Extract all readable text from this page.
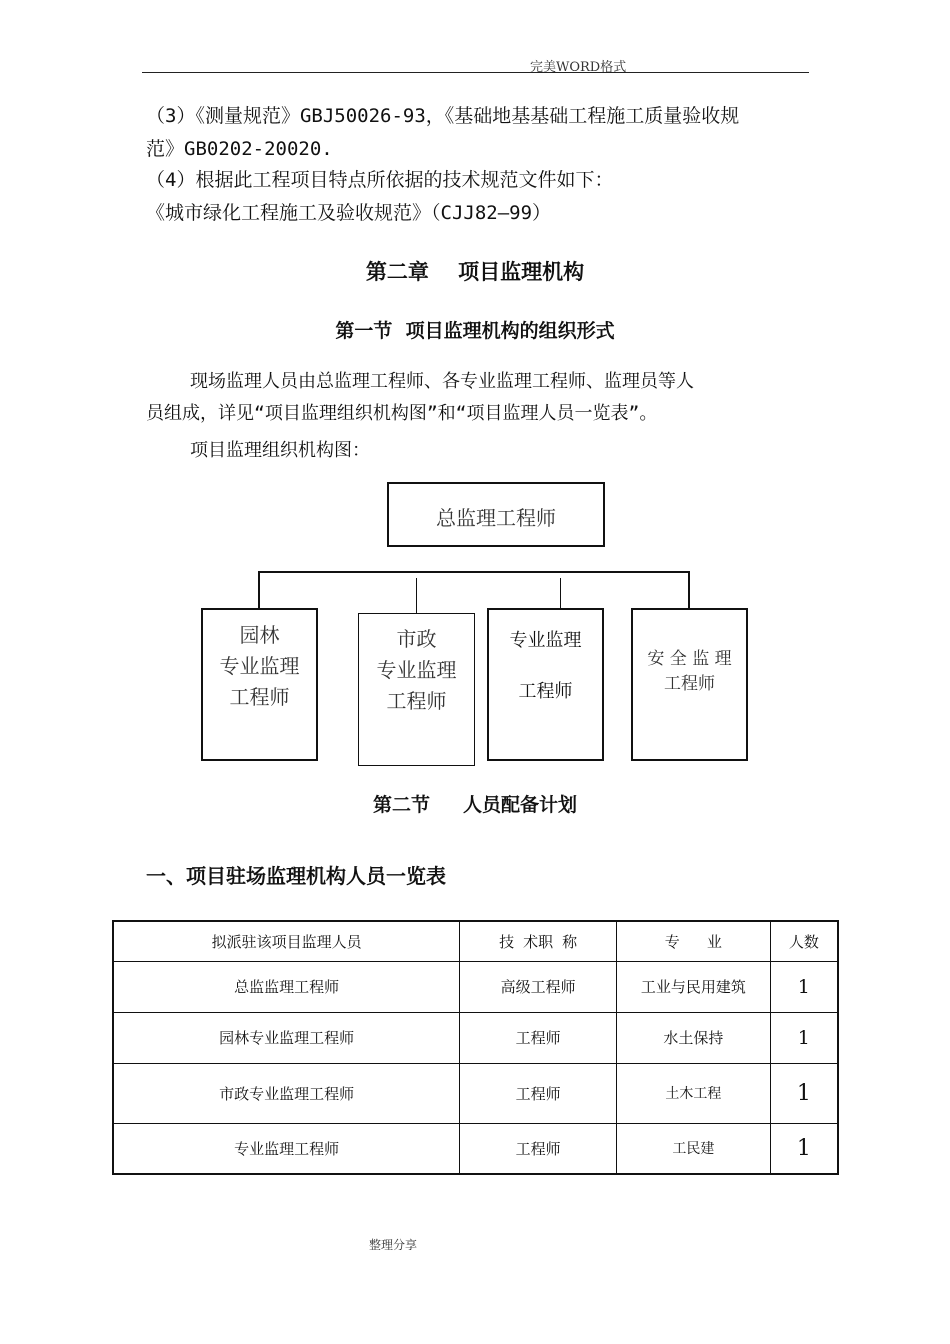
完美WORD格式
（3）《测量规范》GBJ50026-93，《基础地基基础工程施工质量验收规
范》GB0202-20020.
（4）根据此工程项目特点所依据的技术规范文件如下：
《城市绿化工程施工及验收规范》（CJJ82—99）
第二章    项目监理机构
第一节  项目监理机构的组织形式
现场监理人员由总监理工程师、各专业监理工程师、监理员等人
员组成，详见“项目监理组织机构图”和“项目监理人员一览表”。
项目监理组织机构图：
总监理工程师
园林
专业监理
工程师
市政
专业监理
工程师
专业监理
工程师
安 全 监 理
工程师
第二节     人员配备计划
一、项目驻场监理机构人员一览表
拟派驻该项目监理人员	技 术职 称	专   业	人数
总监监理工程师	高级工程师	工业与民用建筑	1
园林专业监理工程师	工程师	水土保持	1
市政专业监理工程师	工程师	土木工程	1
专业监理工程师	工程师	工民建	1
整理分享
